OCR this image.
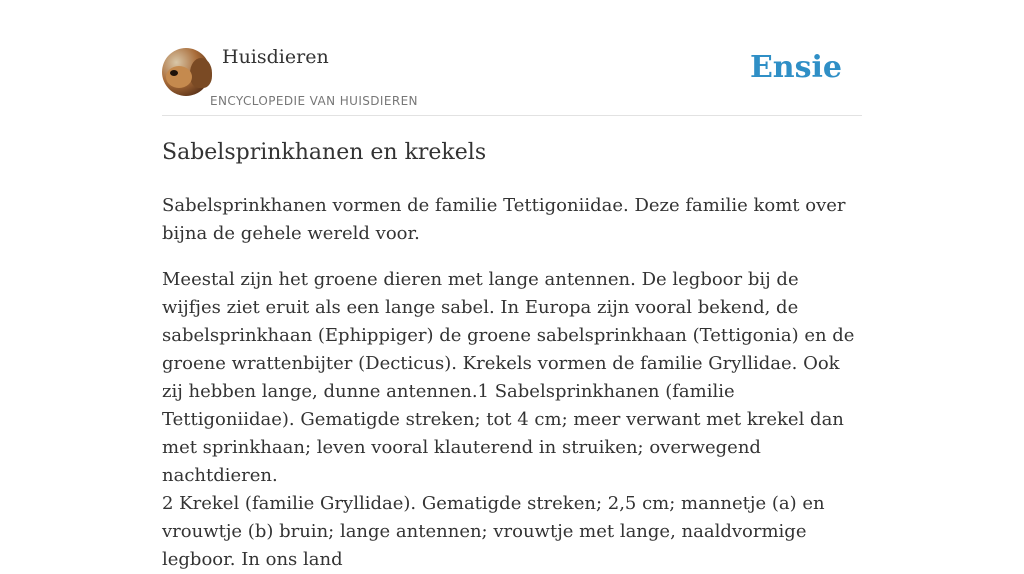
Huisdieren
ENCYCLOPEDIE VAN HUISDIEREN
Ensie
Sabelsprinkhanen en krekels

Sabelsprinkhanen vormen de familie Tettigoniidae. Deze familie komt over bijna de gehele wereld voor.

Meestal zijn het groene dieren met lange antennen. De legboor bij de wijfjes ziet eruit als een lange sabel. In Europa zijn vooral bekend, de sabelsprinkhaan (Ephippiger) de groene sabelsprinkhaan (Tettigonia) en de groene wrattenbijter (Decticus). Krekels vormen de familie Gryllidae. Ook zij hebben lange, dunne antennen.1 Sabelsprinkhanen (familie Tettigoniidae). Gematigde streken; tot 4 cm; meer verwant met krekel dan met sprinkhaan; leven vooral klauterend in struiken; overwegend nachtdieren.
2 Krekel (familie Gryllidae). Gematigde streken; 2,5 cm; mannetje (a) en vrouwtje (b) bruin; lange antennen; vrouwtje met lange, naaldvormige legboor. In ons land
